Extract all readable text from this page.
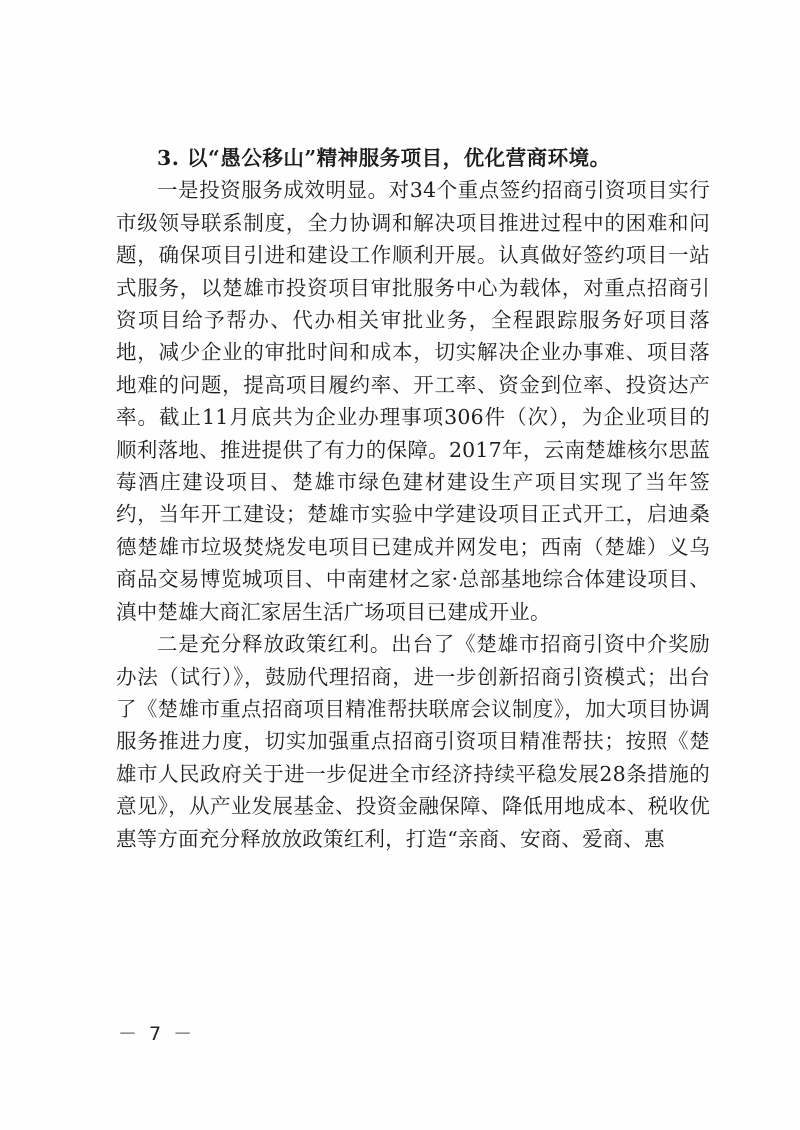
3. 以“愚公移山”精神服务项目，优化营商环境。

一是投资服务成效明显。对34个重点签约招商引资项目实行市级领导联系制度，全力协调和解决项目推进过程中的困难和问题，确保项目引进和建设工作顺利开展。认真做好签约项目一站式服务，以楚雄市投资项目审批服务中心为载体，对重点招商引资项目给予帮办、代办相关审批业务，全程跟踪服务好项目落地，减少企业的审批时间和成本，切实解决企业办事难、项目落地难的问题，提高项目履约率、开工率、资金到位率、投资达产率。截止11月底共为企业办理事项306件（次），为企业项目的顺利落地、推进提供了有力的保障。2017年，云南楚雄核尔思蓝莓酒庄建设项目、楚雄市绿色建材建设生产项目实现了当年签约，当年开工建设；楚雄市实验中学建设项目正式开工，启迪桑德楚雄市垃圾焚烧发电项目已建成并网发电；西南（楚雄）义乌商品交易博览城项目、中南建材之家·总部基地综合体建设项目、滇中楚雄大商汇家居生活广场项目已建成开业。

二是充分释放政策红利。出台了《楚雄市招商引资中介奖励办法（试行）》，鼓励代理招商，进一步创新招商引资模式；出台了《楚雄市重点招商项目精准帮扶联席会议制度》，加大项目协调服务推进力度，切实加强重点招商引资项目精准帮扶；按照《楚雄市人民政府关于进一步促进全市经济持续平稳发展28条措施的意见》，从产业发展基金、投资金融保障、降低用地成本、税收优惠等方面充分释放放政策红利，打造“亲商、安商、爱商、惠

－ 7 －
